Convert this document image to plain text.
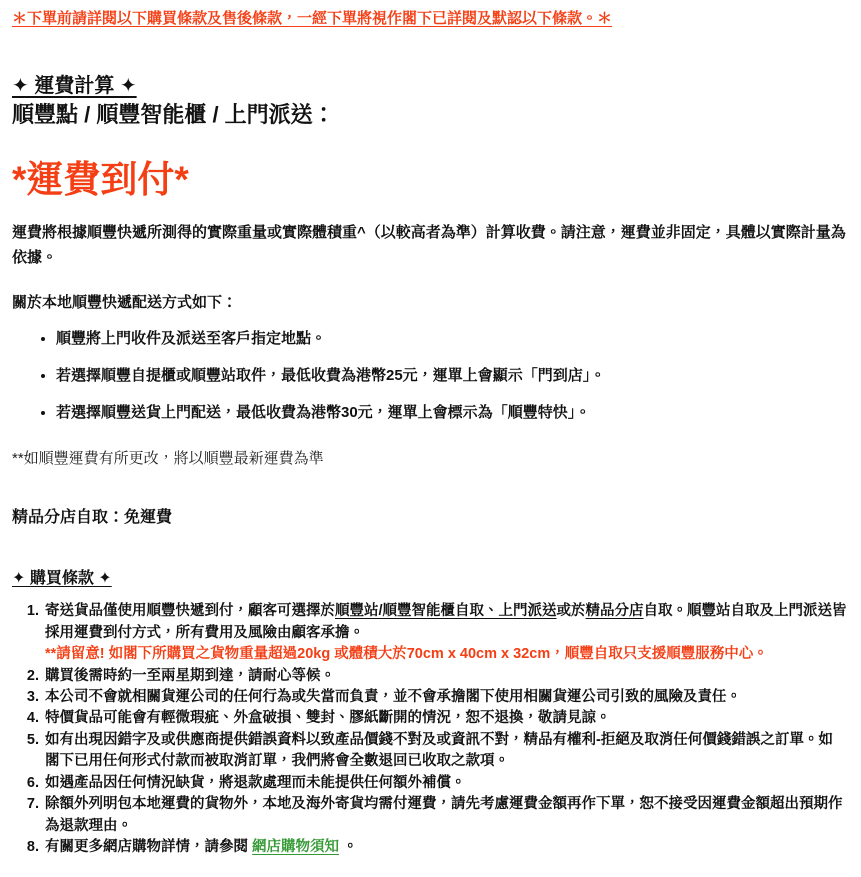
＊下單前請詳閱以下購買條款及售後條款，一經下單將視作閣下已詳閱及默認以下條款。＊

✦ 運費計算 ✦
順豐點 / 順豐智能櫃 / 上門派送：

*運費到付*

運費將根據順豐快遞所測得的實際重量或實際體積重^（以較高者為準）計算收費。請注意，運費並非固定，具體以實際計量為依據。

關於本地順豐快遞配送方式如下：

• 順豐將上門收件及派送至客戶指定地點。
• 若選擇順豐自提櫃或順豐站取件，最低收費為港幣25元，運單上會顯示「門到店」。
• 若選擇順豐送貨上門配送，最低收費為港幣30元，運單上會標示為「順豐特快」。

**如順豐運費有所更改，將以順豐最新運費為準

精品分店自取：免運費

✦ 購買條款 ✦
1. 寄送貨品僅使用順豐快遞到付，顧客可選擇於順豐站/順豐智能櫃自取、上門派送或於精品分店自取。順豐站自取及上門派送皆採用運費到付方式，所有費用及風險由顧客承擔。
**請留意! 如閣下所購買之貨物重量超過20kg 或體積大於70cm x 40cm x 32cm，順豐自取只支援順豐服務中心。
2. 購買後需時約一至兩星期到達，請耐心等候。
3. 本公司不會就相關貨運公司的任何行為或失當而負責，並不會承擔閣下使用相關貨運公司引致的風險及責任。
4. 特價貨品可能會有輕微瑕疵、外盒破損、雙封、膠紙斷開的情況，恕不退換，敬請見諒。
5. 如有出現因錯字及或供應商提供錯誤資料以致產品價錢不對及或資訊不對，精品有權利-拒絕及取消任何價錢錯誤之訂單。如閣下已用任何形式付款而被取消訂單，我們將會全數退回已收取之款項。
6. 如遇產品因任何情況缺貨，將退款處理而未能提供任何額外補償。
7. 除額外列明包本地運費的貨物外，本地及海外寄貨均需付運費，請先考慮運費金額再作下單，恕不接受因運費金額超出預期作為退款理由。
8. 有關更多網店購物詳情，請參閱 網店購物須知 。
